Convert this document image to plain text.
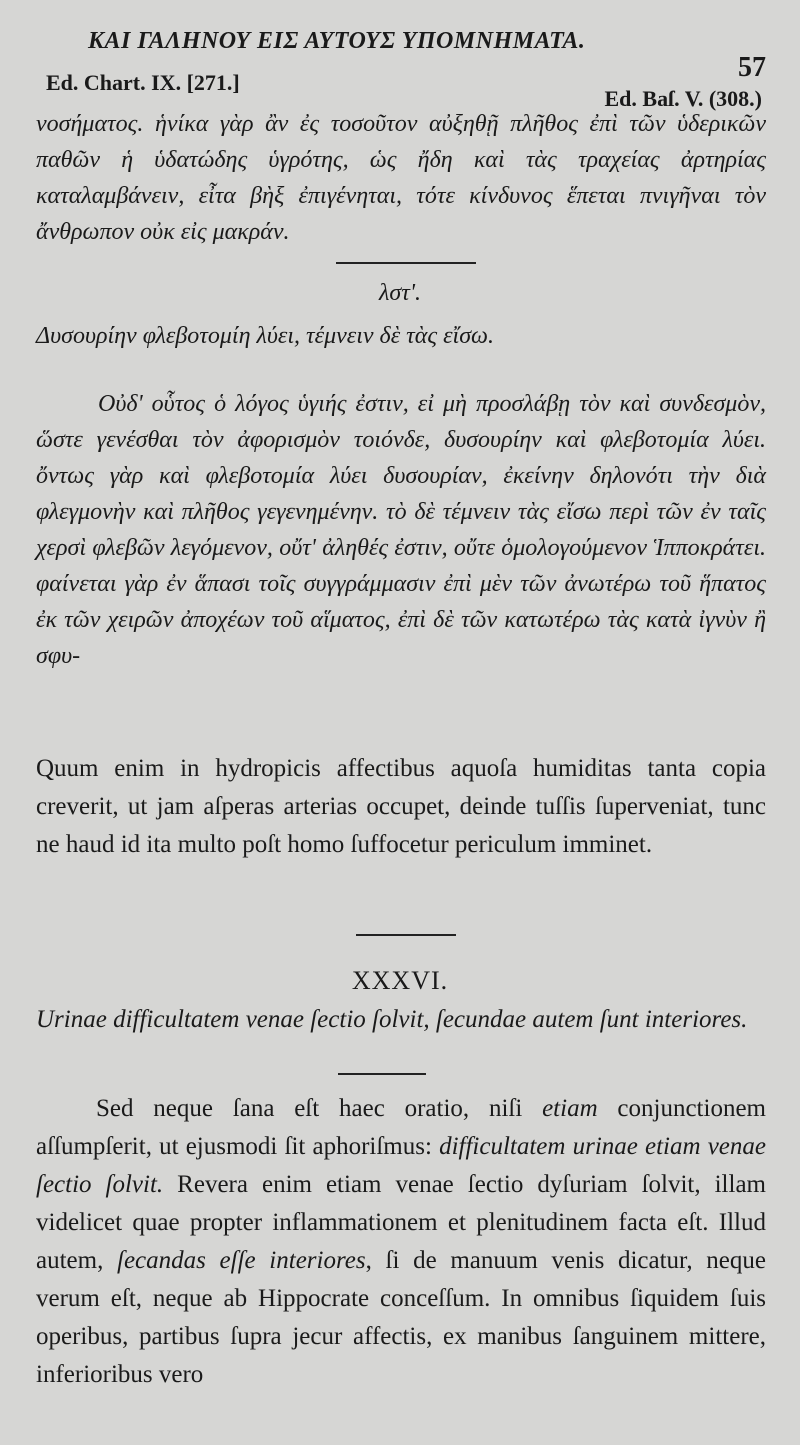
ΚΑΙ ΓΑΛΗΝΟΥ ΕΙΣ ΑΥΤΟΥΣ ΥΠΟΜΝΗΜΑΤΑ.
57
Ed. Chart. IX. [271.]
Ed. Baſ. V. (308.)
νοσήματος. ἡνίκα γὰρ ἂν ἐς τοσοῦτον αὐξηθῇ πλῆθος ἐπὶ τῶν ὑδερικῶν παθῶν ἡ ὑδατώδης ὑγρότης, ὡς ἤδη καὶ τὰς τραχείας ἀρτηρίας καταλαμβάνειν, εἶτα βὴξ ἐπιγένηται, τότε κίνδυνος ἕπεται πνιγῆναι τὸν ἄνθρωπον οὐκ εἰς μακράν.
λστ'.
Δυσουρίην φλεβοτομίη λύει, τέμνειν δὲ τὰς εἴσω.
Οὐδ' οὗτος ὁ λόγος ὑγιής ἐστιν, εἰ μὴ προσλάβῃ τὸν καὶ συνδεσμὸν, ὥστε γενέσθαι τὸν ἀφορισμὸν τοιόνδε, δυσουρίην καὶ φλεβοτομία λύει. ὄντως γὰρ καὶ φλεβοτομία λύει δυσουρίαν, ἐκείνην δηλονότι τὴν διὰ φλεγμονὴν καὶ πλῆθος γεγενημένην. τὸ δὲ τέμνειν τὰς εἴσω περὶ τῶν ἐν ταῖς χερσὶ φλεβῶν λεγόμενον, οὔτ' ἀληθές ἐστιν, οὔτε ὁμολογούμενον Ἱπποκράτει. φαίνεται γὰρ ἐν ἅπασι τοῖς συγγράμμασιν ἐπὶ μὲν τῶν ἀνωτέρω τοῦ ἥπατος ἐκ τῶν χειρῶν ἀποχέων τοῦ αἵματος, ἐπὶ δὲ τῶν κατωτέρω τὰς κατὰ ἰγνὺν ἢ σφυ-
Quum enim in hydropicis affectibus aquoſa humiditas tanta copia creverit, ut jam aſperas arterias occupet, deinde tuſſis ſuperveniat, tunc ne haud id ita multo poſt homo ſuffocetur periculum imminet.
XXXVI.
Urinae difficultatem venae ſectio ſolvit, ſecundae autem ſunt interiores.
Sed neque ſana eſt haec oratio, niſi etiam conjunctionem aſſumpſerit, ut ejusmodi ſit aphoriſmus: difficultatem urinae etiam venae ſectio ſolvit. Revera enim etiam venae ſectio dyſuriam ſolvit, illam videlicet quae propter inflammationem et plenitudinem facta eſt. Illud autem, ſecandas eſſe interiores, ſi de manuum venis dicatur, neque verum eſt, neque ab Hippocrate conceſſum. In omnibus ſiquidem ſuis operibus, partibus ſupra jecur affectis, ex manibus ſanguinem mittere, inferioribus vero
